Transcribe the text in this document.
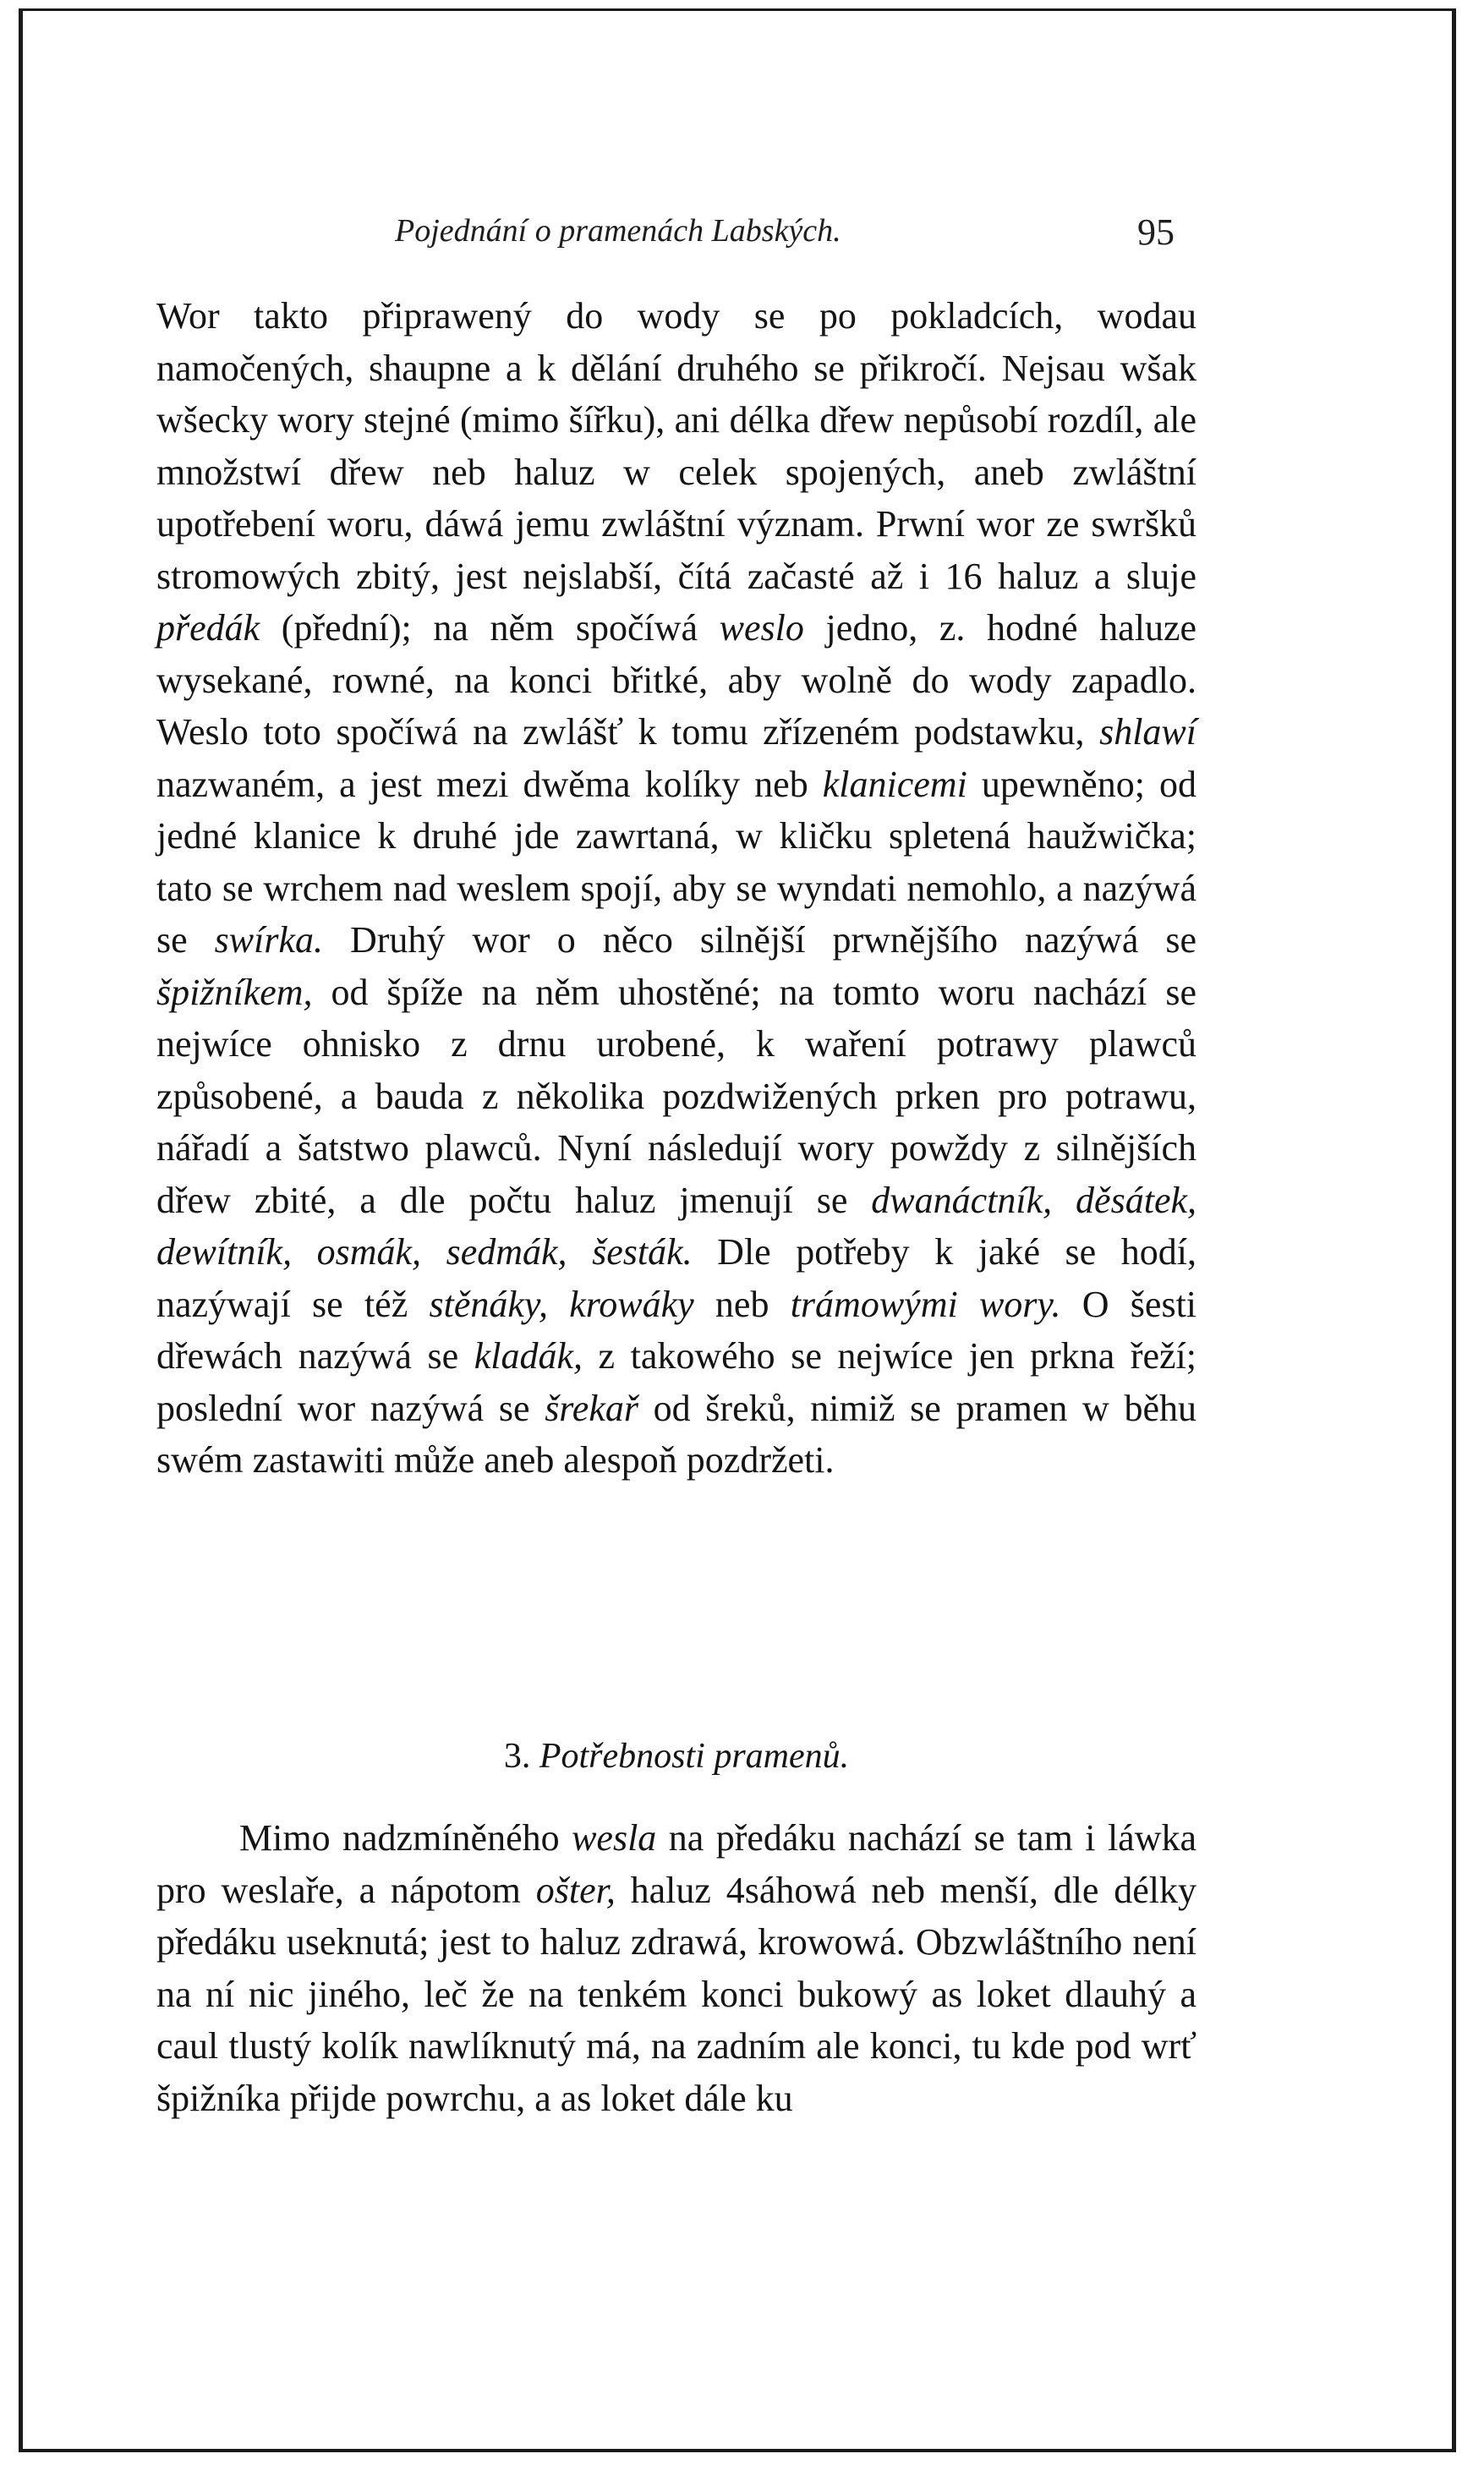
Pojednání o pramenách Labských.	95

Wor takto připrawený do wody se po pokladcích, wodau namočených, shaupne a k dělání druhého se přikročí. Nejsau wšak wšecky wory stejné (mimo šířku), ani délka dřew nepůsobí rozdíl, ale množstwí dřew neb haluz w celek spojených, aneb zwláštní upotřebení woru, dáwá jemu zwláštní význam. Prwní wor ze swršků stromowých zbitý, jest nejslabší, čítá začasté až i 16 haluz a sluje předák (přední); na něm spočíwá weslo jedno, z. hodné haluze wysekané, rowné, na konci břitké, aby wolně do wody zapadlo. Weslo toto spočíwá na zwlášť k tomu zřízeném podstawku, shlawí nazwaném, a jest mezi dwěma kolíky neb klanicemi upewněno; od jedné klanice k druhé jde zawrtaná, w kličku spletená haužwička; tato se wrchem nad weslem spojí, aby se wyndati nemohlo, a nazýwá se swírka. Druhý wor o něco silnější prwnějšího nazýwá se špižníkem, od špíže na něm uhostěné; na tomto woru nachází se nejwíce ohnisko z drnu urobené, k waření potrawy plawců způsobené, a bauda z několika pozdwižených prken pro potrawu, nářadí a šatstwo plawců. Nyní následují wory powždy z silnějších dřew zbité, a dle počtu haluz jmenují se dwanáctník, děsátek, dewítník, osmák, sedmák, šesták. Dle potřeby k jaké se hodí, nazýwají se též stěnáky, krowáky neb trámowými wory. O šesti dřewách nazýwá se kladák, z takowého se nejwíce jen prkna řeží; poslední wor nazýwá se šrekař od šreků, nimiž se pramen w běhu swém zastawiti může aneb alespoň pozdržeti.

3. Potřebnosti pramenů.

Mimo nadzmíněného wesla na předáku nachází se tam i láwka pro weslaře, a nápotom ošter, haluz 4sáhowá neb menší, dle délky předáku useknutá; jest to haluz zdrawá, krowowá. Obzwláštního není na ní nic jiného, leč že na tenkém konci bukowý as loket dlauhý a caul tlustý kolík nawlíknutý má, na zadním ale konci, tu kde pod wrť špižníka přijde powrchu, a as loket dále ku
